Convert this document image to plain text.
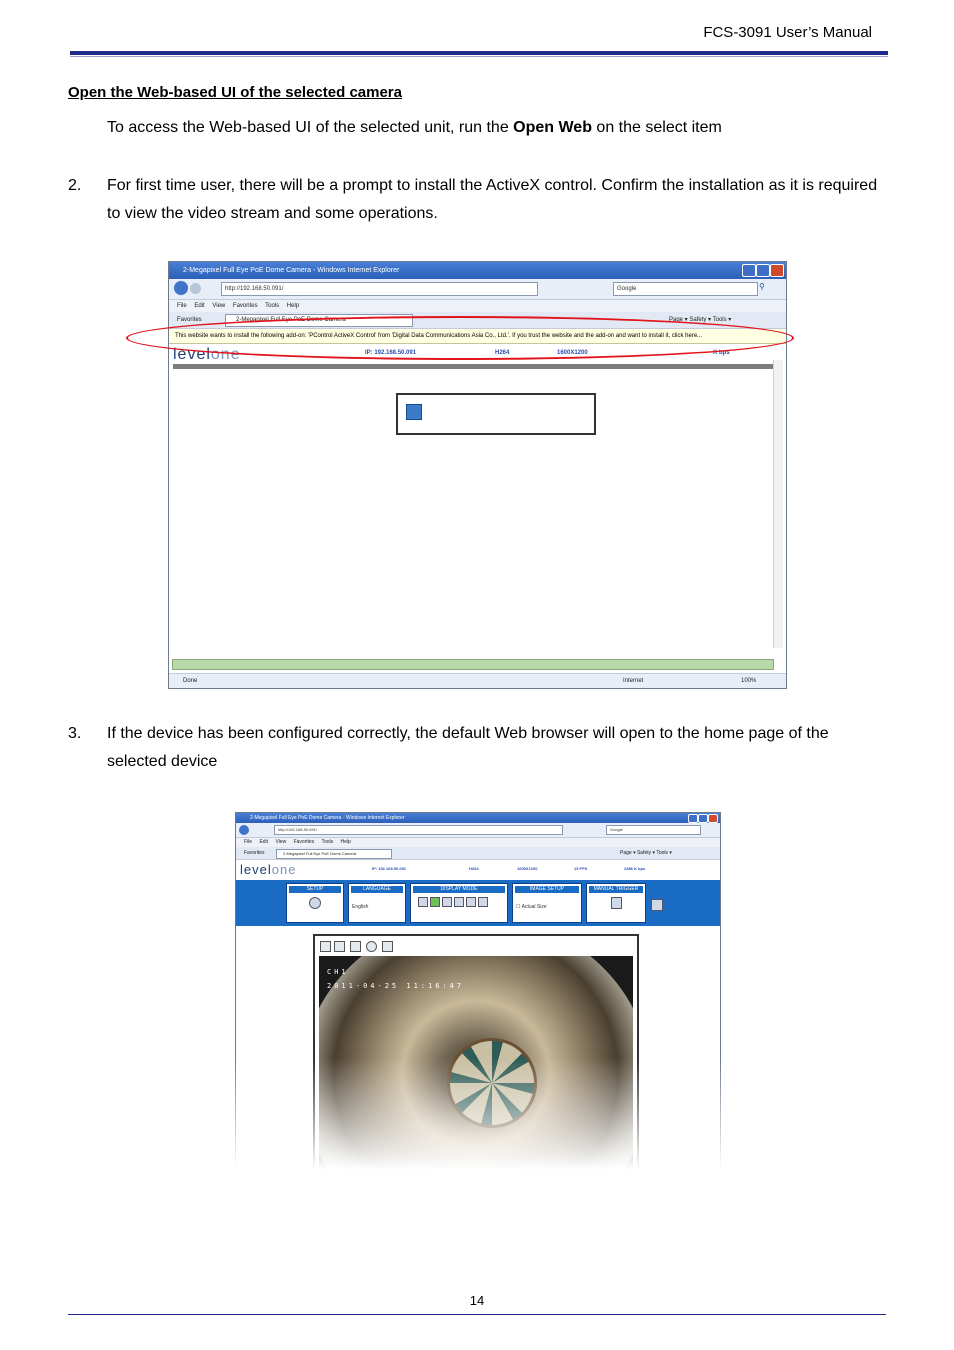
FCS-3091 User’s Manual
Open the Web-based UI of the selected camera
To access the Web-based UI of the selected unit, run the Open Web on the select item
2. For first time user, there will be a prompt to install the ActiveX control. Confirm the installation as it is required to view the video stream and some operations.
2-Megapixel Full Eye PoE Dome Camera - Windows Internet Explorer
http://192.168.50.091/	Google	⚲
File Edit View Favorites Tools Help
Favorites	2-Megapixel Full Eye PoE Dome Camera	Page ▾ Safety ▾ Tools ▾
This website wants to install the following add-on: 'PControl ActiveX Control' from 'Digital Data Communications Asia Co., Ltd.'. If you trust the website and the add-on and want to install it, click here...
levelone	IP: 192.168.50.091	H264	1600X1200	K bps
Done	Internet	100%
3. If the device has been configured correctly, the default Web browser will open to the home page of the selected device
2-Megapixel Full Eye PoE Dome Camera - Windows Internet Explorer
http://192.168.50.091/	Google
File Edit View Favorites Tools Help
Favorites	2-Megapixel Full Eye PoE Dome Camera	Page ▾ Safety ▾ Tools ▾
levelone	IP: 192.168.50.091	H264	1600X1200	15 FPS	2386 K bps
SETUP	LANGUAGE
English
DISPLAY MODE	IMAGE SETUP
☐ Actual Size
MANUAL TRIGGER
CH1
2011-04-25 11:16:47
14
